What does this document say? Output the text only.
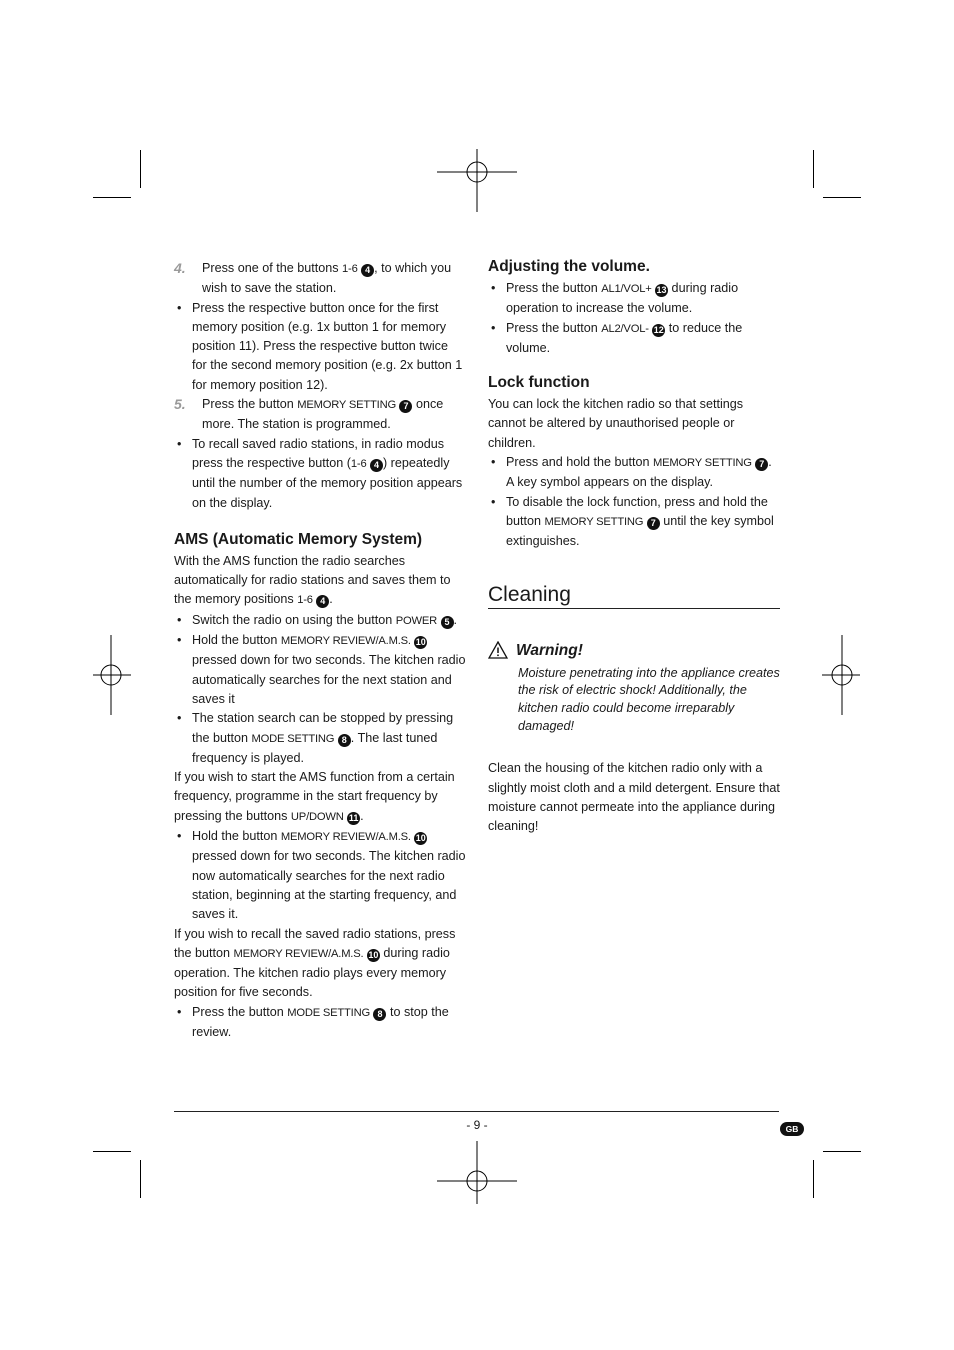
4. Press one of the buttons 1-6 4 , to which you wish to save the station.
• Press the respective button once for the first memory position (e.g. 1x button 1 for memory position 11). Press the respective button twice for the second memory position (e.g. 2x button 1 for memory position 12).
5. Press the button MEMORY SETTING 7 once more. The station is programmed.
• To recall saved radio stations, in radio modus press the respective button (1-6 4 ) repeatedly until the number of the memory position appears on the display.
AMS (Automatic Memory System)
With the AMS function the radio searches automatically for radio stations and saves them to the memory positions 1-6 4 .
• Switch the radio on using the button POWER 5 .
• Hold the button MEMORY REVIEW/A.M.S. 10 pressed down for two seconds. The kitchen radio automatically searches for the next station and saves it
• The station search can be stopped by pressing the button MODE SETTING 8 . The last tuned frequency is played.
If you wish to start the AMS function from a certain frequency, programme in the start frequency by pressing the buttons UP/DOWN 11 .
• Hold the button MEMORY REVIEW/A.M.S. 10 pressed down for two seconds. The kitchen radio now automatically searches for the next radio station, beginning at the starting frequency, and saves it.
If you wish to recall the saved radio stations, press the button MEMORY REVIEW/A.M.S. 10 during radio operation. The kitchen radio plays every memory position for five seconds.
• Press the button MODE SETTING 8 to stop the review.
Adjusting the volume.
• Press the button AL1/VOL+ 13 during radio operation to increase the volume.
• Press the button AL2/VOL- 12 to reduce the volume.
Lock function
You can lock the kitchen radio so that settings cannot be altered by unauthorised people or children.
• Press and hold the button MEMORY SETTING 7 . A key symbol appears on the display.
• To disable the lock function, press and hold the button MEMORY SETTING 7 until the key symbol extinguishes.
Cleaning
Warning!
Moisture penetrating into the appliance creates the risk of electric shock! Additionally, the kitchen radio could become irreparably damaged!
Clean the housing of the kitchen radio only with a slightly moist cloth and a mild detergent. Ensure that moisture cannot permeate into the appliance during cleaning!
- 9 -	GB
